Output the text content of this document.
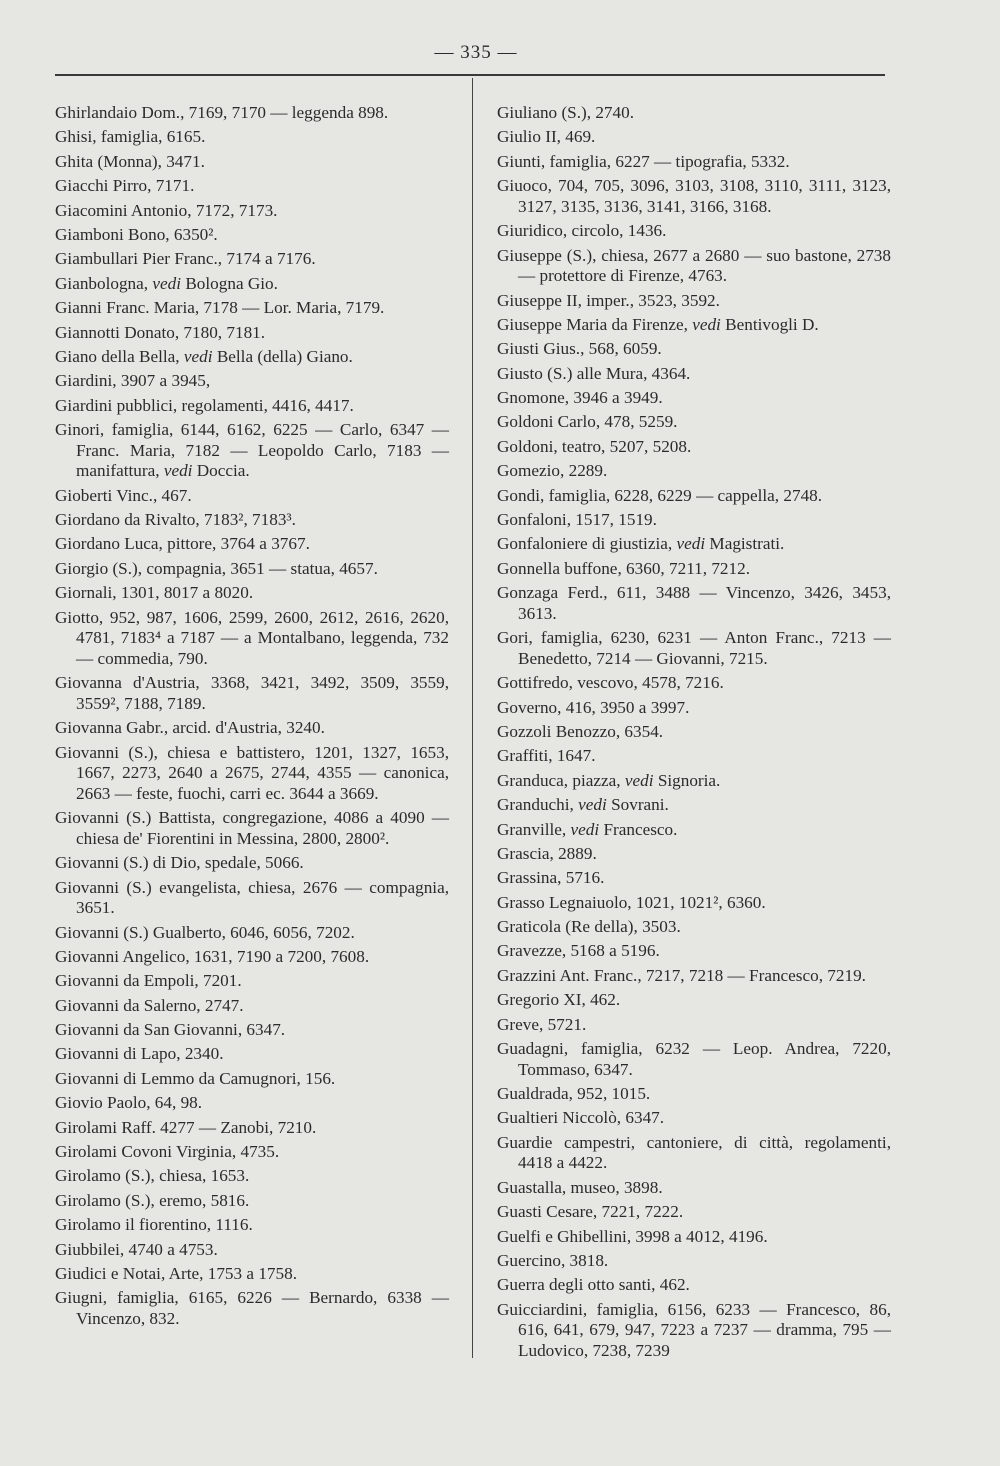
— 335 —

Ghirlandaio Dom., 7169, 7170 — leggenda 898.

Ghisi, famiglia, 6165.

Ghita (Monna), 3471.

Giacchi Pirro, 7171.

Giacomini Antonio, 7172, 7173.

Giamboni Bono, 6350².

Giambullari Pier Franc., 7174 a 7176.

Gianbologna, vedi Bologna Gio.

Gianni Franc. Maria, 7178 — Lor. Maria, 7179.

Giannotti Donato, 7180, 7181.

Giano della Bella, vedi Bella (della) Giano.

Giardini, 3907 a 3945,

Giardini pubblici, regolamenti, 4416, 4417.

Ginori, famiglia, 6144, 6162, 6225 — Carlo, 6347 — Franc. Maria, 7182 — Leopoldo Carlo, 7183 — manifattura, vedi Doccia.

Gioberti Vinc., 467.

Giordano da Rivalto, 7183², 7183³.

Giordano Luca, pittore, 3764 a 3767.

Giorgio (S.), compagnia, 3651 — statua, 4657.

Giornali, 1301, 8017 a 8020.

Giotto, 952, 987, 1606, 2599, 2600, 2612, 2616, 2620, 4781, 7183⁴ a 7187 — a Montalbano, leggenda, 732 — commedia, 790.

Giovanna d'Austria, 3368, 3421, 3492, 3509, 3559, 3559², 7188, 7189.

Giovanna Gabr., arcid. d'Austria, 3240.

Giovanni (S.), chiesa e battistero, 1201, 1327, 1653, 1667, 2273, 2640 a 2675, 2744, 4355 — canonica, 2663 — feste, fuochi, carri ec. 3644 a 3669.

Giovanni (S.) Battista, congregazione, 4086 a 4090 — chiesa de' Fiorentini in Messina, 2800, 2800².

Giovanni (S.) di Dio, spedale, 5066.

Giovanni (S.) evangelista, chiesa, 2676 — compagnia, 3651.

Giovanni (S.) Gualberto, 6046, 6056, 7202.

Giovanni Angelico, 1631, 7190 a 7200, 7608.

Giovanni da Empoli, 7201.

Giovanni da Salerno, 2747.

Giovanni da San Giovanni, 6347.

Giovanni di Lapo, 2340.

Giovanni di Lemmo da Camugnori, 156.

Giovio Paolo, 64, 98.

Girolami Raff. 4277 — Zanobi, 7210.

Girolami Covoni Virginia, 4735.

Girolamo (S.), chiesa, 1653.

Girolamo (S.), eremo, 5816.

Girolamo il fiorentino, 1116.

Giubbilei, 4740 a 4753.

Giudici e Notai, Arte, 1753 a 1758.

Giugni, famiglia, 6165, 6226 — Bernardo, 6338 — Vincenzo, 832.

Giuliano (S.), 2740.

Giulio II, 469.

Giunti, famiglia, 6227 — tipografia, 5332.

Giuoco, 704, 705, 3096, 3103, 3108, 3110, 3111, 3123, 3127, 3135, 3136, 3141, 3166, 3168.

Giuridico, circolo, 1436.

Giuseppe (S.), chiesa, 2677 a 2680 — suo bastone, 2738 — protettore di Firenze, 4763.

Giuseppe II, imper., 3523, 3592.

Giuseppe Maria da Firenze, vedi Bentivogli D.

Giusti Gius., 568, 6059.

Giusto (S.) alle Mura, 4364.

Gnomone, 3946 a 3949.

Goldoni Carlo, 478, 5259.

Goldoni, teatro, 5207, 5208.

Gomezio, 2289.

Gondi, famiglia, 6228, 6229 — cappella, 2748.

Gonfaloni, 1517, 1519.

Gonfaloniere di giustizia, vedi Magistrati.

Gonnella buffone, 6360, 7211, 7212.

Gonzaga Ferd., 611, 3488 — Vincenzo, 3426, 3453, 3613.

Gori, famiglia, 6230, 6231 — Anton Franc., 7213 — Benedetto, 7214 — Giovanni, 7215.

Gottifredo, vescovo, 4578, 7216.

Governo, 416, 3950 a 3997.

Gozzoli Benozzo, 6354.

Graffiti, 1647.

Granduca, piazza, vedi Signoria.

Granduchi, vedi Sovrani.

Granville, vedi Francesco.

Grascia, 2889.

Grassina, 5716.

Grasso Legnaiuolo, 1021, 1021², 6360.

Graticola (Re della), 3503.

Gravezze, 5168 a 5196.

Grazzini Ant. Franc., 7217, 7218 — Francesco, 7219.

Gregorio XI, 462.

Greve, 5721.

Guadagni, famiglia, 6232 — Leop. Andrea, 7220, Tommaso, 6347.

Gualdrada, 952, 1015.

Gualtieri Niccolò, 6347.

Guardie campestri, cantoniere, di città, regolamenti, 4418 a 4422.

Guastalla, museo, 3898.

Guasti Cesare, 7221, 7222.

Guelfi e Ghibellini, 3998 a 4012, 4196.

Guercino, 3818.

Guerra degli otto santi, 462.

Guicciardini, famiglia, 6156, 6233 — Francesco, 86, 616, 641, 679, 947, 7223 a 7237 — dramma, 795 — Ludovico, 7238, 7239
